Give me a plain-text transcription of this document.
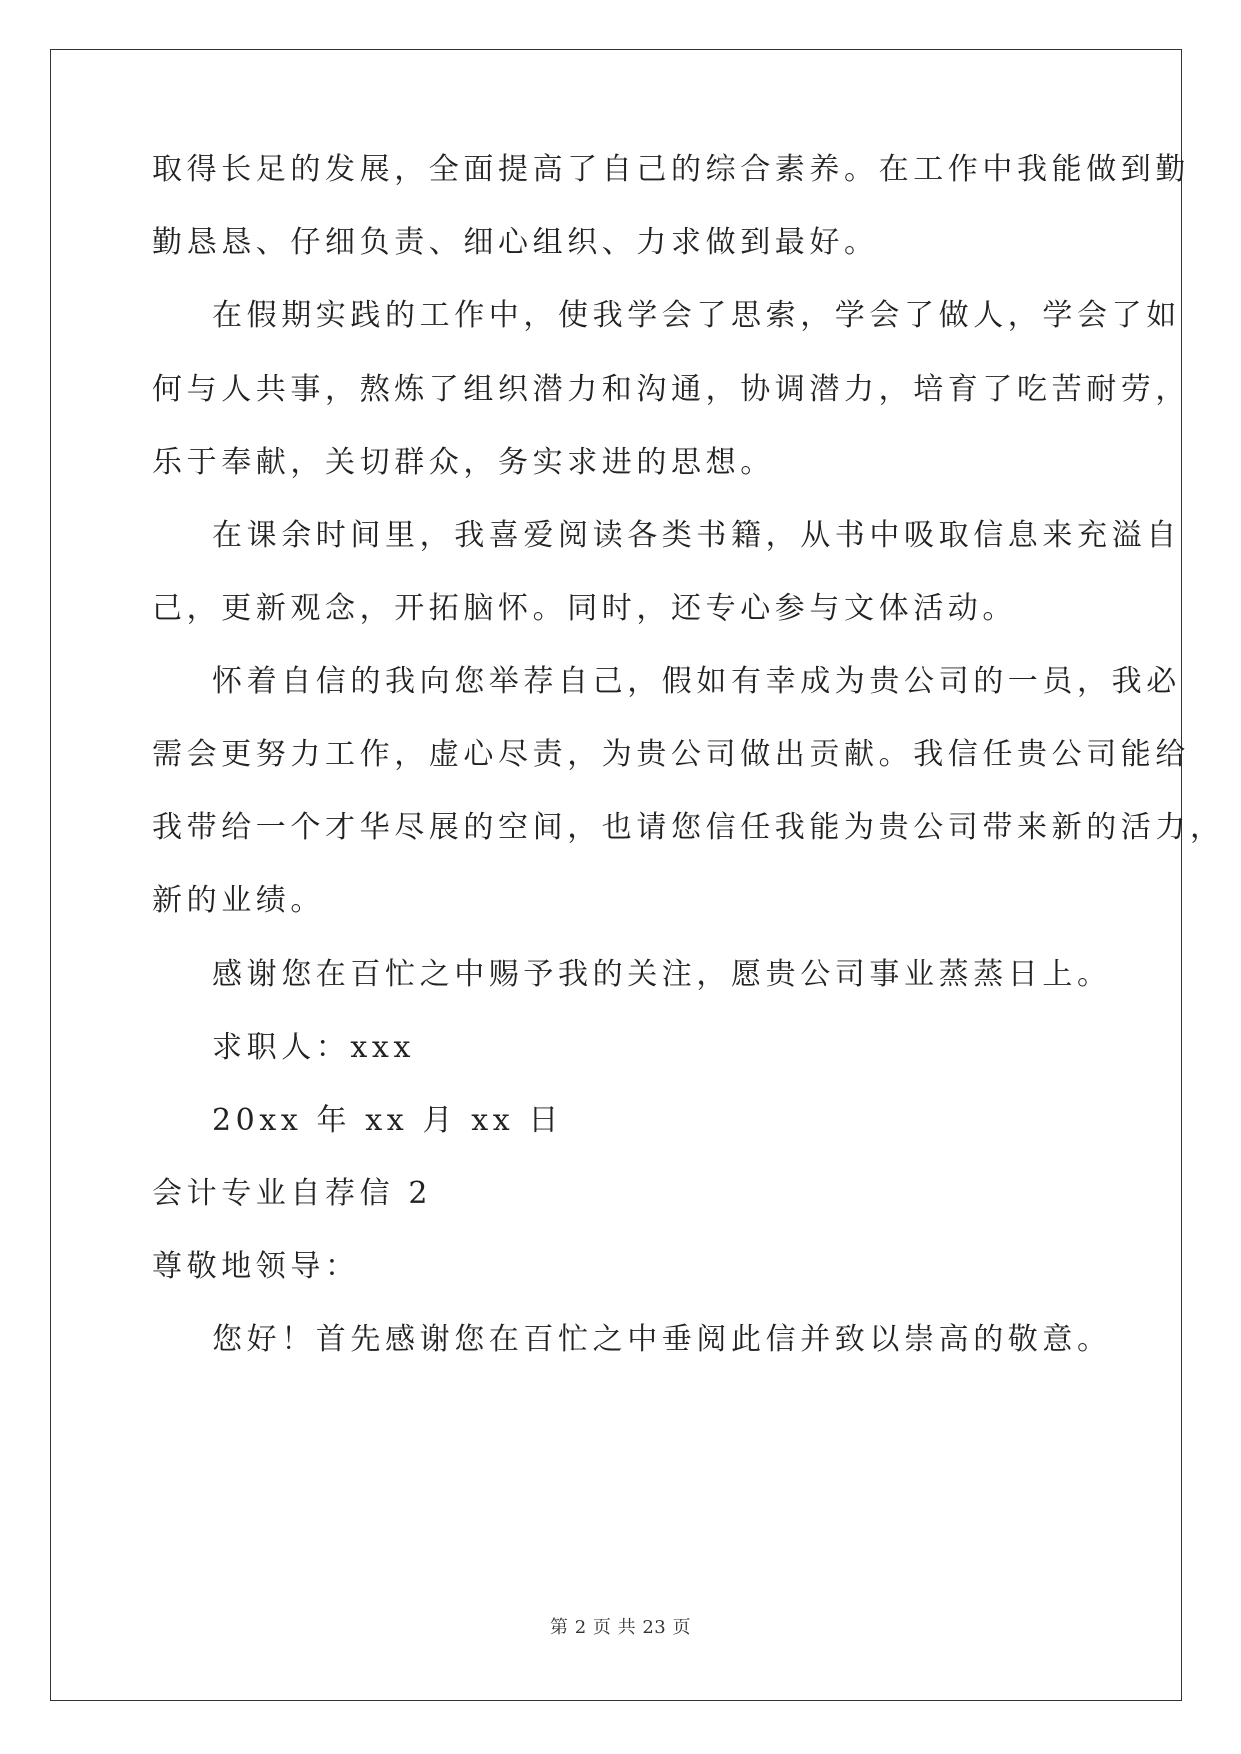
取得长足的发展，全面提高了自己的综合素养。在工作中我能做到勤
勤恳恳、仔细负责、细心组织、力求做到最好。
在假期实践的工作中，使我学会了思索，学会了做人，学会了如
何与人共事，熬炼了组织潜力和沟通，协调潜力，培育了吃苦耐劳，
乐于奉献，关切群众，务实求进的思想。
在课余时间里，我喜爱阅读各类书籍，从书中吸取信息来充溢自
己，更新观念，开拓脑怀。同时，还专心参与文体活动。
怀着自信的我向您举荐自己，假如有幸成为贵公司的一员，我必
需会更努力工作，虚心尽责，为贵公司做出贡献。我信任贵公司能给
我带给一个才华尽展的空间，也请您信任我能为贵公司带来新的活力，
新的业绩。
感谢您在百忙之中赐予我的关注，愿贵公司事业蒸蒸日上。
求职人：xxx
20xx 年 xx 月 xx 日
会计专业自荐信 2
尊敬地领导：
您好！首先感谢您在百忙之中垂阅此信并致以崇高的敬意。
第 2 页 共 23 页
